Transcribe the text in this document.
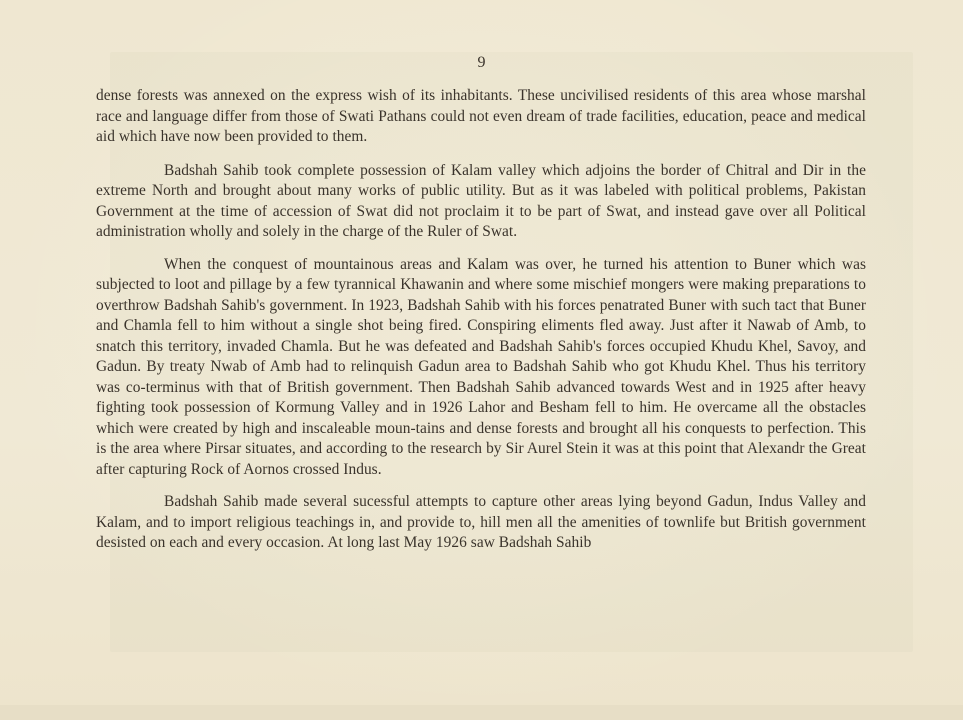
9

dense forests was annexed on the express wish of its inhabitants. These uncivilised residents of this area whose marshal race and language differ from those of Swati Pathans could not even dream of trade facilities, education, peace and medical aid which have now been provided to them.

Badshah Sahib took complete possession of Kalam valley which adjoins the border of Chitral and Dir in the extreme North and brought about many works of public utility. But as it was labeled with political problems, Pakistan Government at the time of accession of Swat did not proclaim it to be part of Swat, and instead gave over all Political administration wholly and solely in the charge of the Ruler of Swat.

When the conquest of mountainous areas and Kalam was over, he turned his attention to Buner which was subjected to loot and pillage by a few tyrannical Khawanin and where some mischief mongers were making preparations to overthrow Badshah Sahib's government. In 1923, Badshah Sahib with his forces penatrated Buner with such tact that Buner and Chamla fell to him without a single shot being fired. Conspiring eliments fled away. Just after it Nawab of Amb, to snatch this territory, invaded Chamla. But he was defeated and Badshah Sahib's forces occupied Khudu Khel, Savoy, and Gadun. By treaty Nwab of Amb had to relinquish Gadun area to Badshah Sahib who got Khudu Khel. Thus his territory was co-terminus with that of British government. Then Badshah Sahib advanced towards West and in 1925 after heavy fighting took possession of Kormung Valley and in 1926 Lahor and Besham fell to him. He overcame all the obstacles which were created by high and inscaleable moun-tains and dense forests and brought all his conquests to perfection. This is the area where Pirsar situates, and according to the research by Sir Aurel Stein it was at this point that Alexandr the Great after capturing Rock of Aornos crossed Indus.

Badshah Sahib made several sucessful attempts to capture other areas lying beyond Gadun, Indus Valley and Kalam, and to import religious teachings in, and provide to, hill men all the amenities of townlife but British government desisted on each and every occasion. At long last May 1926 saw Badshah Sahib
